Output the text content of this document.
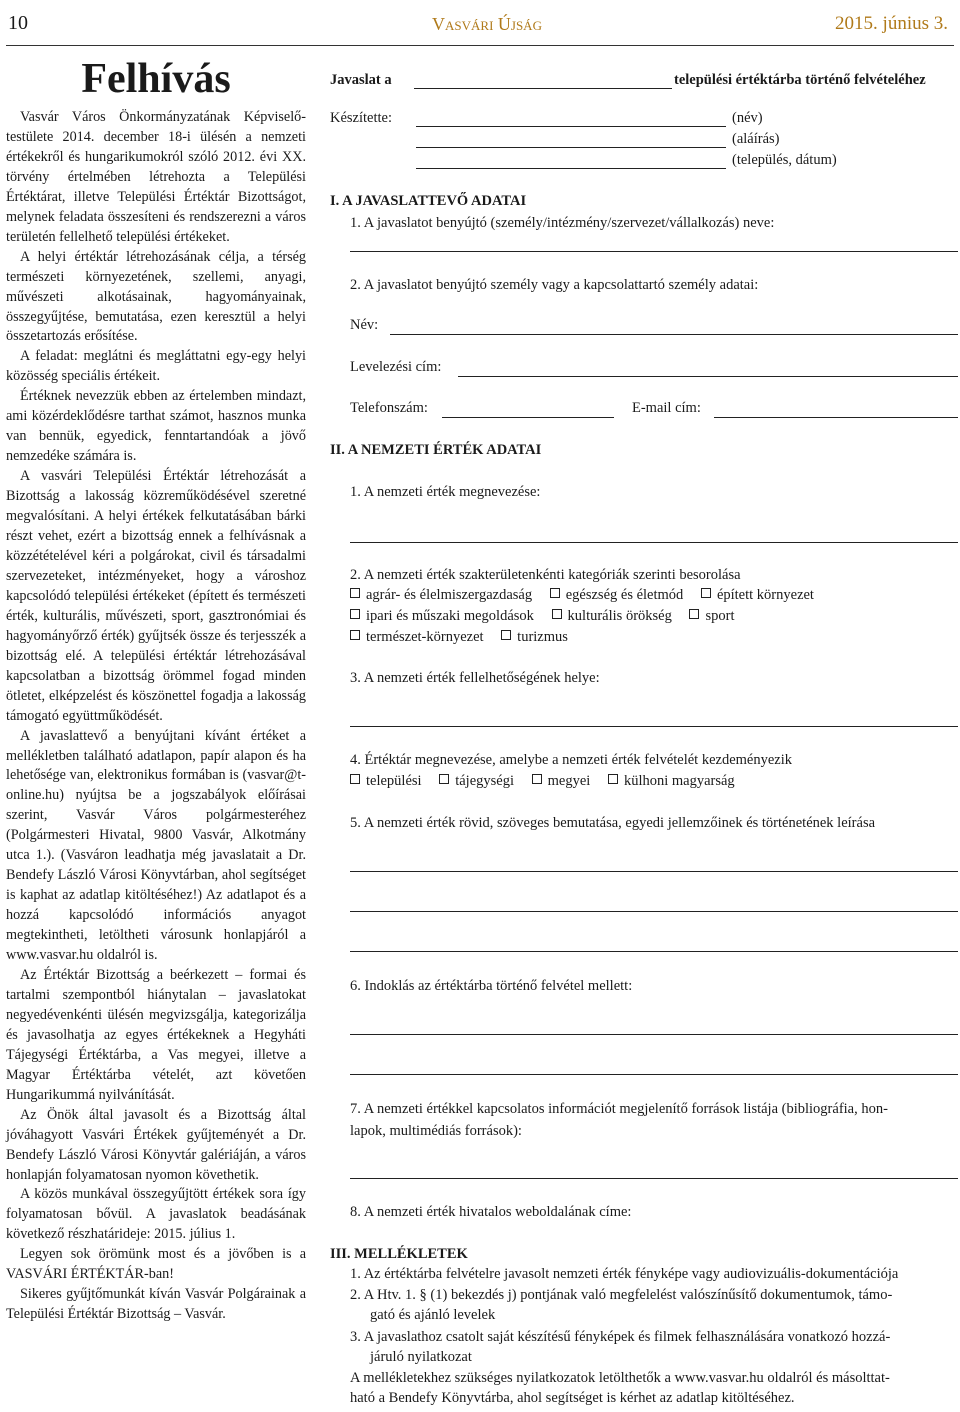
10	Vasvári Újság	2015. június 3.
Felhívás

Vasvár Város Önkormányzatának Képviselő-testülete 2014. december 18-i ülésén a nemzeti értékekről és hungarikumokról szóló 2012. évi XX. törvény értelmében létrehozta a Települési Értéktárat, illetve Települési Értéktár Bizottságot, melynek feladata összesíteni és rendszerezni a város területén fellelhető települési értékeket.

A helyi értéktár létrehozásának célja, a térség természeti környezetének, szellemi, anyagi, művészeti alkotásainak, hagyományainak, összegyűjtése, bemutatása, ezen keresztül a helyi összetartozás erősítése.

A feladat: meglátni és megláttatni egy-egy helyi közösség speciális értékeit.

Értéknek nevezzük ebben az értelemben mindazt, ami közérdeklődésre tarthat számot, hasznos munka van bennük, egyedick, fenntartandóak a jövő nemzedéke számára is.

A vasvári Települési Értéktár létrehozását a Bizottság a lakosság közreműködésével szeretné megvalósítani. A helyi értékek felkutatásában bárki részt vehet, ezért a bizottság ennek a felhívásnak a közzétételével kéri a polgárokat, civil és társadalmi szervezeteket, intézményeket, hogy a városhoz kapcsolódó települési értékeket (épített és természeti érték, kulturális, művészeti, sport, gasztronómiai és hagyományőrző érték) gyűjtsék össze és terjesszék a bizottság elé. A települési értéktár létrehozásával kapcsolatban a bizottság örömmel fogad minden ötletet, elképzelést és köszönettel fogadja a lakosság támogató együttműködését.

A javaslattevő a benyújtani kívánt értéket a mellékletben található adatlapon, papír alapon és ha lehetősége van, elektronikus formában is (vasvar@t-online.hu) nyújtsa be a jogszabályok előírásai szerint, Vasvár Város polgármesteréhez (Polgármesteri Hivatal, 9800 Vasvár, Alkotmány utca 1.). (Vasváron leadhatja még javaslatait a Dr. Bendefy László Városi Könyvtárban, ahol segítséget is kaphat az adatlap kitöltéséhez!) Az adatlapot és a hozzá kapcsolódó információs anyagot megtekintheti, letöltheti városunk honlapjáról a www.vasvar.hu oldalról is.

Az Értéktár Bizottság a beérkezett – formai és tartalmi szempontból hiánytalan – javaslatokat negyedévenkénti ülésén megvizsgálja, kategorizálja és javasolhatja az egyes értékeknek a Hegyháti Tájegységi Értéktárba, a Vas megyei, illetve a Magyar Értéktárba vételét, azt követően Hungarikummá nyilvánítását.

Az Önök által javasolt és a Bizottság által jóváhagyott Vasvári Értékek gyűjteményét a Dr. Bendefy László Városi Könyvtár galériáján, a város honlapján folyamatosan nyomon követhetik.

A közös munkával összegyűjtött értékek sora így folyamatosan bővül. A javaslatok beadásának következő részhatárideje: 2015. július 1.

Legyen sok örömünk most és a jövőben is a VASVÁRI ÉRTÉKTÁR-ban!

Sikeres gyűjtőmunkát kíván Vasvár Polgárainak a Települési Értéktár Bizottság – Vasvár.

Javaslat a	települési értéktárba történő felvételéhez
Készítette:	(név)
(aláírás)
(település, dátum)
I. A JAVASLATTEVŐ ADATAI
1. A javaslatot benyújtó (személy/intézmény/szervezet/vállalkozás) neve:
2. A javaslatot benyújtó személy vagy a kapcsolattartó személy adatai:
Név:
Levelezési cím:
Telefonszám:	E-mail cím:
II. A NEMZETI ÉRTÉK ADATAI
1. A nemzeti érték megnevezése:
2. A nemzeti érték szakterületenkénti kategóriák szerinti besorolása
agrár- és élelmiszergazdaság egészség és életmód épített környezet
ipari és műszaki megoldások kulturális örökség sport
természet-környezet turizmus
3. A nemzeti érték fellelhetőségének helye:
4. Értéktár megnevezése, amelybe a nemzeti érték felvételét kezdeményezik
települési tájegységi megyei külhoni magyarság
5. A nemzeti érték rövid, szöveges bemutatása, egyedi jellemzőinek és történetének leírása
6. Indoklás az értéktárba történő felvétel mellett:
7. A nemzeti értékkel kapcsolatos információt megjelenítő források listája (bibliográfia, hon-
lapok, multimédiás források):
8. A nemzeti érték hivatalos weboldalának címe:
III. MELLÉKLETEK
1. Az értéktárba felvételre javasolt nemzeti érték fényképe vagy audiovizuális-dokumentációja
2. A Htv. 1. § (1) bekezdés j) pontjának való megfelelést valószínűsítő dokumentumok, támo-
gató és ajánló levelek
3. A javaslathoz csatolt saját készítésű fényképek és filmek felhasználására vonatkozó hozzá-
járuló nyilatkozat
A mellékletekhez szükséges nyilatkozatok letölthetők a www.vasvar.hu oldalról és másolttat-
ható a Bendefy Könyvtárba, ahol segítséget is kérhet az adatlap kitöltéséhez.
